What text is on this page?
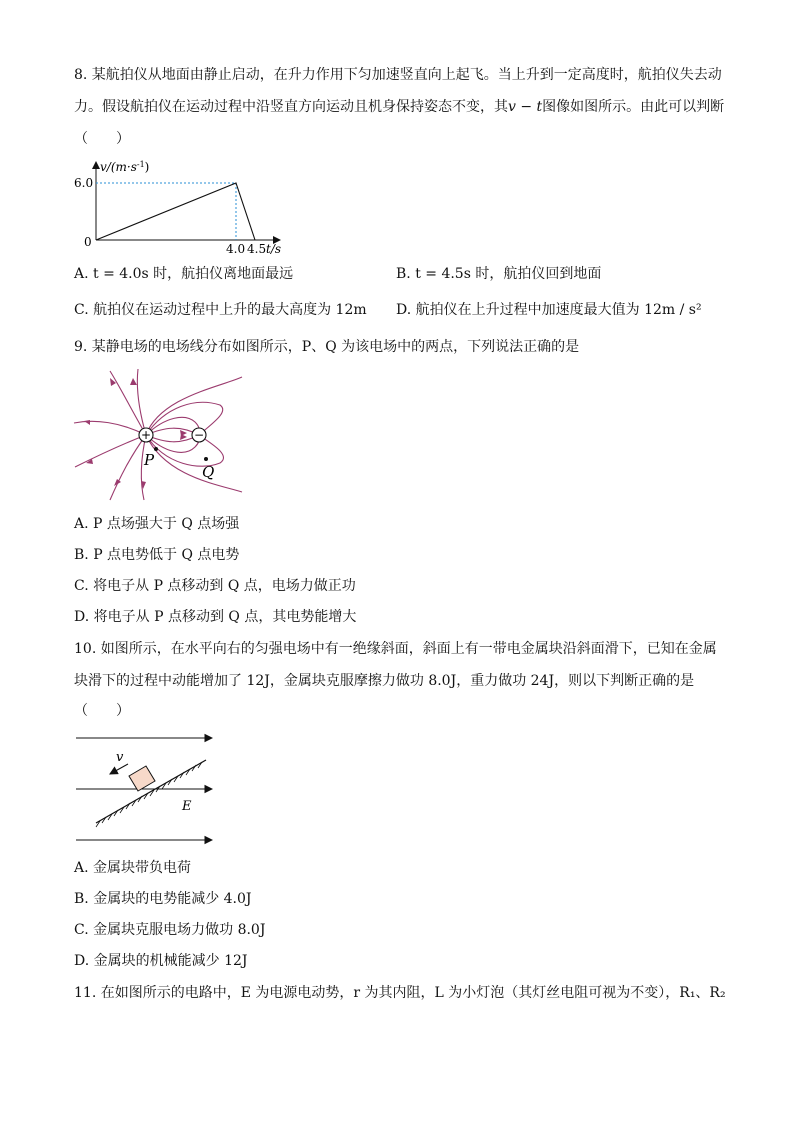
8. 某航拍仪从地面由静止启动，在升力作用下匀加速竖直向上起飞。当上升到一定高度时，航拍仪失去动
力。假设航拍仪在运动过程中沿竖直方向运动且机身保持姿态不变，其v − t图像如图所示。由此可以判断
（　　）
$v/(m\cdot s^{-1})$
6.0
0	4.0 4.5 t/s
A. t = 4.0s 时，航拍仪离地面最远	B. t = 4.5s 时，航拍仪回到地面
C. 航拍仪在运动过程中上升的最大高度为 12m D. 航拍仪在上升过程中加速度最大值为 12m / s²
9. 某静电场的电场线分布如图所示，P、Q 为该电场中的两点，下列说法正确的是
+	−
P
Q
A. P 点场强大于 Q 点场强
B. P 点电势低于 Q 点电势
C. 将电子从 P 点移动到 Q 点，电场力做正功
D. 将电子从 P 点移动到 Q 点，其电势能增大
10. 如图所示，在水平向右的匀强电场中有一绝缘斜面，斜面上有一带电金属块沿斜面滑下，已知在金属
块滑下的过程中动能增加了 12J，金属块克服摩擦力做功 8.0J，重力做功 24J，则以下判断正确的是
（　　）
v
E
A. 金属块带负电荷
B. 金属块的电势能减少 4.0J
C. 金属块克服电场力做功 8.0J
D. 金属块的机械能减少 12J
11. 在如图所示的电路中，E 为电源电动势，r 为其内阻，L 为小灯泡（其灯丝电阻可视为不变），R₁、R₂
